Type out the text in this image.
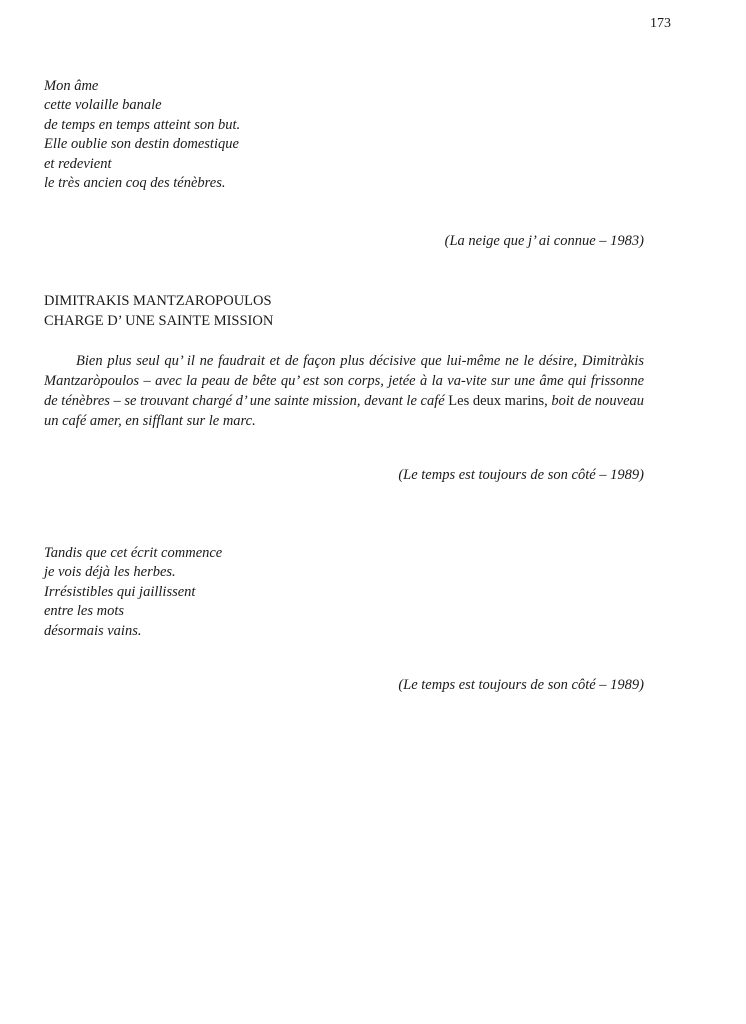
173
Mon âme
cette volaille banale
de temps en temps atteint son but.
Elle oublie son destin domestique
et redevient
le très ancien coq des ténèbres.
(La neige que j’ ai connue – 1983)
DIMITRAKIS MANTZAROPOULOS
CHARGE D’ UNE SAINTE MISSION
Bien plus seul qu’ il ne faudrait et de façon plus décisive que lui-même ne le désire, Dimitràkis Mantzaròpoulos – avec la peau de bête qu’ est son corps, jetée à la va-vite sur une âme qui frissonne de ténèbres – se trouvant chargé d’ une sainte mission, devant le café Les deux marins, boit de nouveau un café amer, en sifflant sur le marc.
(Le temps est toujours de son côté – 1989)
Tandis que cet écrit commence
je vois déjà les herbes.
Irrésistibles qui jaillissent
entre les mots
désormais vains.
(Le temps est toujours de son côté – 1989)
